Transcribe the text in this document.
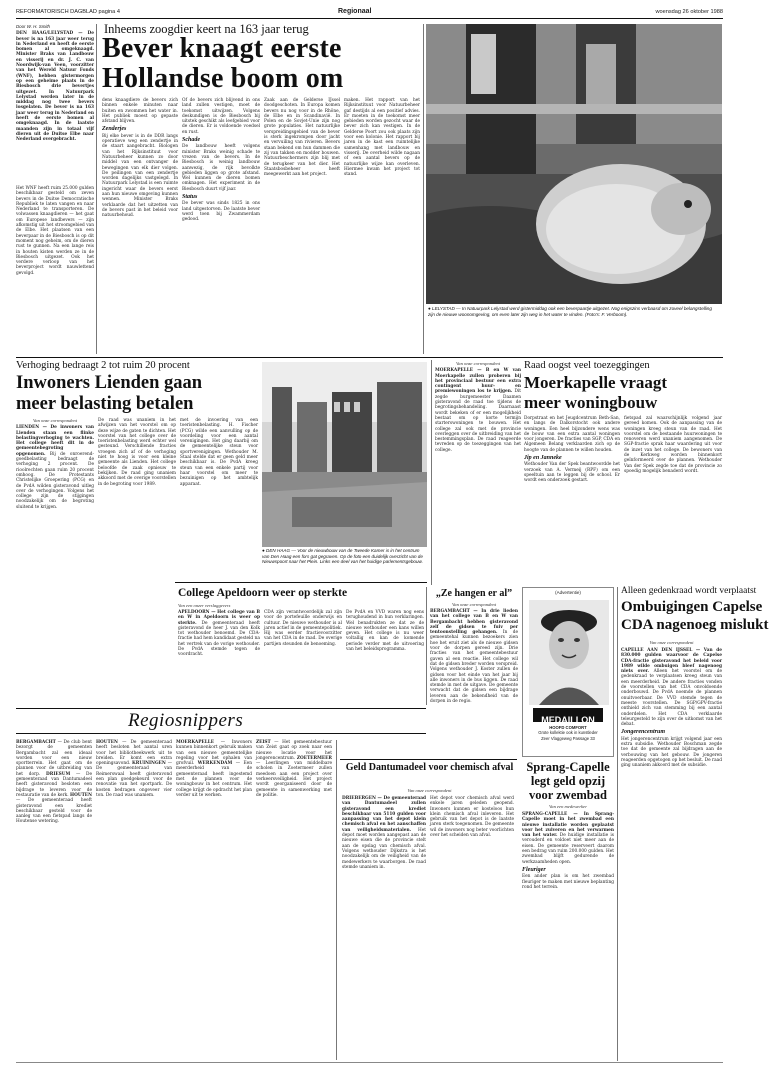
REFORMATORISCH DAGBLAD pagina 4	Regionaal	woensdag 26 oktober 1988
Door W. H. Smith
DEN HAAG/LELYSTAD — De bever is na 163 jaar weer terug in Nederland en heeft de eerste bomen al omgeknaagd. Minister Braks van Landbouw en visserij en dr. J. C. van Noordwijk-van Veen, voorzitter van het Wereld Natuur Fonds (WNF), hebben gistermorgen op een geheime plaats in de Biesbosch drie bevertjes uitgezet. In Natuurpark Lelystad werden later in de middag nog twee bevers losgelaten. De bever is na 163 jaar weer terug in Nederland en heeft de eerste bomen al omgeknaagd. In de laatste maanden zijn in totaal vijf dieren uit de Duitse Elbe naar Nederland overgebracht.
Het WNF heeft ruim 25.000 gulden beschikbaar gesteld om zeven bevers in de Duitse Democratische Republiek te laten vangen en naar Nederland te transporteren. De volwassen knaagdieren — het gaat om Europese landbevers — zijn afkomstig uit het stroomgebied van de Elbe. Het plaatsen van een beverpaar in de Biesbosch is op dit moment nog geheim, om de dieren rust te gunnen. Na een lange reis in houten kisten werden ze in de Biesbosch uitgezet. Ook het verdere verloop van het beverproject wordt nauwlettend gevolgd.
Inheems zoogdier keert na 163 jaar terug
Bever knaagt eerste
Hollandse boom om
dens knaagdiere de bevers zich binnen enkele minuten naar buiten en zwommen het water in. Het publiek moest op gepaste afstand blijven.
Zenderjes
Bij elke bever is in de DDR langs operatieve weg een zendertje in de staart aangebracht. Biologen van het Rijksinstituut voor Natuurbeheer kunnen zo door middel van een ontvanger de bewegingen van elk dier volgen. De peilingen van een zendertje worden dagelijks vastgelegd. In Natuurpark Lelystad is een ruimte ingericht waar de bevers eerst aan hun nieuwe omgeving kunnen wennen. Minister Braks verklaarde dat het uitzetten van de bevers past in het beleid voor natuurbehoud.
Of de bevers zich blijvend in ons land zullen vestigen, moet de toekomst uitwijzen. Volgens deskundigen is de Biesbosch bij uitstek geschikt als leefgebied voor de dieren. Er is voldoende voedsel en rust.
Schade
De landbouw heeft volgens minister Braks weinig schade te vrezen van de bevers. In de Biesbosch is weinig landbouw aanwezig, de rijk bevolkte gebieden liggen op grote afstand. Wel kunnen de dieren bomen omknagen. Het experiment in de Biesbosch duurt vijf jaar.
Status
De bever was sinds 1825 in ons land uitgestorven. De laatste bever werd toen bij Zwammerdam gedood.
Zaak aan de Gelderse IJssel doodgeschoten. In Europa komen bevers nu nog voor in de Rhône, de Elbe en in Scandinavië. In Polen en de Sovjet-Unie zijn nog grote populaties. Het natuurlijke verspreidingsgebied van de bever is sterk ingekrompen door jacht en vervuiling van rivieren. Bevers staan bekend om hun dammen die zij van takken en modder bouwen. Natuurbeschermers zijn blij met de terugkeer van het dier. Het Staatsbosbeheer heeft meegewerkt aan het project.
maken. Het rapport van het Rijksinstituut voor Natuurbeheer gaf destijds al een positief advies. Er moeten in de toekomst meer gebieden worden gezocht waar de bever zich kan vestigen. In de Gelderse Poort zou ook plaats zijn voor een kolonie. Het rapport bij jaren in de kast een ruimtelijke samenhang met landbouw en visserij. De overheid wilde nagaan of een aantal bevers op de natuurlijke wijze kan overleven. Hiermee kwam het project tot stand.
● LELYSTAD — In Natuurpark Lelystad werd gistermiddag ook een beverpaartje uitgezet. Nog enigszins verbaasd om zoveel belangstelling zijn de nieuwe woonomgeving, om even later zijn weg in het water te vinden. (Foto's: F. Verboom).
Verhoging bedraagt 2 tot ruim 20 procent
Inwoners Lienden gaan
meer belasting betalen
Van onze correspondent
LIENDEN — De inwoners van Lienden staan een flinke belastingverhoging te wachten. Het college heeft dit in de gemeentebegroting opgenomen. Bij de onroerend-goedbelasting bedraagt de verhoging 2 procent. De rioolrechten gaan ruim 20 procent omhoog. De Protestants Christelijke Groepering (PCG) en de PvdA wilden gisteravond uitleg over de verhogingen. Volgens het college zijn de stijgingen noodzakelijk om de begroting sluitend te krijgen.
De raad was unaniem in het afwijzen van het voorstel om op deze wijze de gaten te dichten. Het voorstel van het college over de toeristenbelasting werd echter wel gesteund. Verschillende fracties vroegen zich af of de verhoging niet te hoog is voor een kleine gemeente als Lienden. Het college beloofde de zaak opnieuw te bekijken. De raad ging unaniem akkoord met de overige voorstellen in de begroting voor 1989.
met de invoering van een toeristenbelasting. H. Fischer (PCG) wilde een aanvulling op de voordeling voor een aantal verenigingen. Het ging daarbij om de gemeentelijke steun voor sportverenigingen. Wethouder M. Staal stelde dat er geen geld meer beschikbaar is. De PvdA kreeg steun van een enkele partij voor haar voorstel om meer te bezuinigen op het ambtelijk apparaat.
● DEN HAAG — Voor de nieuwbouw van de Tweede Kamer is in het centrum van Den Haag een fors gat gegraven. Op de foto een duidelijk overzicht van de Nieuwspoort naar het Plein. Links een deel van het huidige parlementsgebouw.
Van onze correspondent
MOERKAPELLE — B en W van Moerkapelle zullen proberen bij het provinciaal bestuur een extra contingent huur- en premiewoningen los te krijgen. Dit zegde burgemeester Daamen gisteravond de raad toe tijdens de begrotingsbehandeling. Daarnaast wordt bekeken of er een mogelijkheid bestaat om op korte termijn starterswoningen te bouwen. Het college zal ook met de provincie overleggen over de uitbreiding van het bestemmingsplan. De raad reageerde tevreden op de toezeggingen van het college.
Raad oogst veel toezeggingen
Moerkapelle vraagt
meer woningbouw
Dorpstraat en het Jeugdcentrum Beth-San, en langs de Dalkorstocht ook andere woningen. Een heel bijzondere wens was de bouw van een extra aantal woningen voor jongeren. De fracties van SGP, CDA en Algemeen Belang verklaarden zich op de hoogte van de plannen te willen houden.
Jip en Janneke
Wethouder Van der Spek beantwoordde het verzoek van A. Vermeij (RPF) om een speeltuin aan te leggen bij de school. Er wordt een onderzoek gestart.
fietspad zal waarschijnlijk volgend jaar gereed komen. Ook de aanpassing van de woningen kreeg steun van de raad. Het voorstel om de bestaande huurwoningen te renoveren werd unaniem aangenomen. De SGP-fractie sprak haar waardering uit voor de inzet van het college. De bewoners van de Kerkweg worden binnenkort geïnformeerd over de plannen. Wethouder Van der Spek zegde toe dat de provincie zo spoedig mogelijk benaderd wordt.
College Apeldoorn weer op sterkte
Van een onzer verslaggevers
APELDOORN — Het college van B en W in Apeldoorn is weer op sterkte. De gemeenteraad heeft gisteravond de heer J. van den Kolk tot wethouder benoemd. De CDA-fractie had hem kandidaat gesteld na het vertrek van de vorige wethouder. De PvdA stemde tegen de voordracht.
CDA zijn verantwoordelijk zal zijn voor de portefeuille onderwijs en cultuur. De nieuwe wethouder is al jaren actief in de gemeentepolitiek. Hij was eerder fractievoorzitter van het CDA in de raad. De overige partijen steunden de benoeming.
De PvdA en VVD waren nog eens terughoudend in hun verklaringen. Wel benadrukten ze dat ze de nieuwe wethouder een kans willen geven. Het college is nu weer voltallig en kan de komende periode verder met de uitvoering van het beleidsprogramma.
„Ze hangen er al”
Van onze correspondent
BERGAMBACHT — In drie lieden van het college van B en W van Bergambacht hebben gisteravond zelf de gidsen te fuiv per tentoonstelling gehangen. In de gemeentehal kunnen bezoekers zien hoe het eruit ziet als de nieuwe gidsen voor de dorpen gereed zijn. Drie fracties van het gemeentebestuur gaven al een reactie. Het college wil dat de gidsen breder worden verspreid. Volgens wethouder J. Koster zullen de gidsen voor het einde van het jaar bij alle inwoners in de bus liggen. De raad stemde in met de uitgave. De gemeente verwacht dat de gidsen een bijdrage leveren aan de bekendheid van de dorpen in de regio.
(Advertentie)
MEDAILLON
HOOFD COMFORT
Grote kollektie ook in kunstleder
Zeer Vlaggeweg Passage 33
Alleen gedenkraad wordt verplaatst
Ombuigingen Capelse
CDA nagenoeg mislukt
Regiosnippers
BERGAMBACHT — De club bent bezorgt de gemeenten Bergambacht zal een ideaal worden voor een nieuw sportterrein. Het gaat om de plannen voor de uitbreiding van het dorp. DRIESUM — De gemeenteraad van Dantumadeel heeft gisteravond besloten een bijdrage te leveren voor de restauratie van de kerk. HOUTEN — De gemeenteraad heeft gisteravond een krediet beschikbaar gesteld voor de aanleg van een fietspad langs de Houtense wetering.
HOUTEN — De gemeenteraad heeft besloten het aantal uren voor het bibliotheekwerk uit te breiden. Er komt een extra openingsavond. KRUININGEN — De gemeenteraad van Reimerswaal heeft gisteravond een plan goedgekeurd voor de renovatie van het sportpark. De kosten bedragen ongeveer vier ton. De raad was unaniem.
MOERKAPELLE — Inwoners kunnen binnenkort gebruik maken van een nieuwe gemeentelijke regeling voor het ophalen van grofvuil. WERKENDAM — Een meerderheid van de gemeenteraad heeft ingestemd met de plannen voor de woningbouw in het centrum. Het college krijgt de opdracht het plan verder uit te werken.
ZEIST — Het gemeentebestuur van Zeist gaat op zoek naar een nieuwe locatie voor het jongerencentrum. ZOETERMEER — Leerlingen van middelbare scholen in Zoetermeer zullen meedoen aan een project over verkeersveiligheid. Het project wordt georganiseerd door de gemeente in samenwerking met de politie.
Geld Dantumadeel voor chemisch afval
Van onze correspondent
DRIEBERGEN — De gemeenteraad van Dantumadeel zullen gisteravond een krediet beschikbaar van 5110 gulden voor aanpassing van het depot klein chemisch afval en het aanschaffen van veiligheidsmaterialen. Het depot moet worden aangepast aan de nieuwe eisen die de provincie stelt aan de opslag van chemisch afval. Volgens wethouder Dijkstra is het noodzakelijk om de veiligheid van de medewerkers te waarborgen. De raad stemde unaniem in.
Het depot voor chemisch afval werd enkele jaren geleden geopend. Inwoners kunnen er kosteloos hun klein chemisch afval inleveren. Het gebruik van het depot is de laatste jaren sterk toegenomen. De gemeente wil de inwoners nog beter voorlichten over het scheiden van afval.
Sprang-Capelle
legt geld opzij
voor zwembad
Van een medewerker
SPRANG-CAPELLE — In Sprang-Capelle moet in het zwembad een nieuwe installatie worden geplaatst voor het zuiveren en het verwarmen van het water. De huidige installatie is verouderd en voldoet niet meer aan de eisen. De gemeente reserveert daarom een bedrag van ruim 200.000 gulden. Het zwembad blijft gedurende de werkzaamheden open.
Fleuriger
Een ander plan is om het zwembad fleuriger te maken met nieuwe beplanting rond het terrein.
Van onze correspondent
CAPELLE AAN DEN IJSSEL — Van de 830.000 gulden waarvoor de Capelse CDA-fractie gisteravond het beleid voor 1989 wilde ombuigen bleef nagenoeg niets over. Alleen het voorstel om de gedenkraad te verplaatsen kreeg steun van een meerderheid. De andere fracties vonden de voorstellen van het CDA onvoldoende onderbouwd. De PvdA noemde de plannen onuitvoerbaar. De VVD stemde tegen de meeste voorstellen. De SGP/GPV-fractie onthield zich van stemming bij een aantal onderdelen. Het CDA verklaarde teleurgesteld te zijn over de uitkomst van het debat.
Jongerencentrum
Het jongerencentrum krijgt volgend jaar een extra subsidie. Wethouder Boschman zegde toe dat de gemeente zal bijdragen aan de verbouwing van het gebouw. De jongeren reageerden opgetogen op het besluit. De raad ging unaniem akkoord met de subsidie.
